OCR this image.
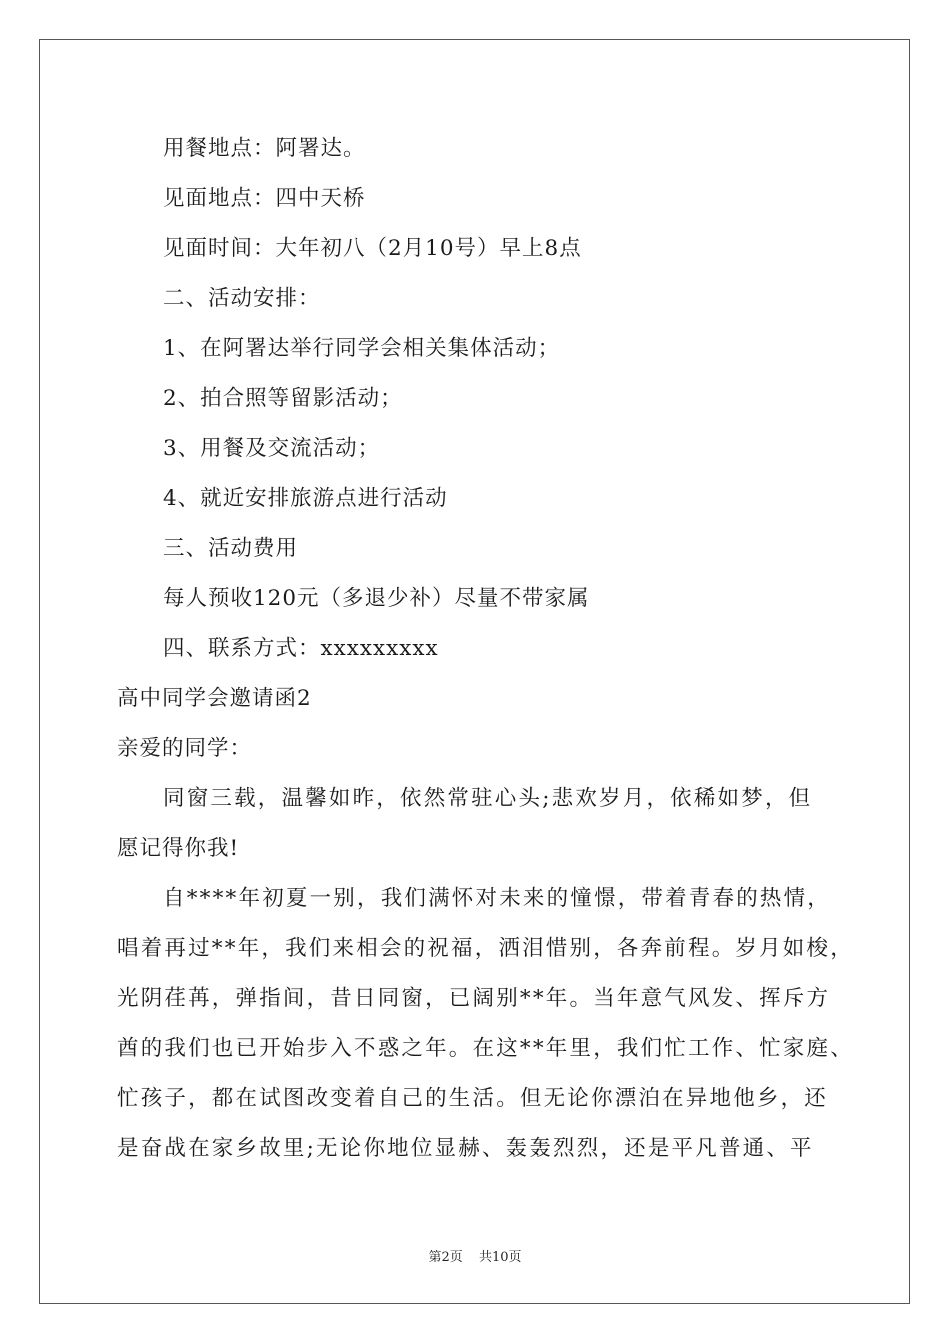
用餐地点：阿署达。
见面地点：四中天桥
见面时间：大年初八（2月10号）早上8点
二、活动安排：
1、在阿署达举行同学会相关集体活动；
2、拍合照等留影活动；
3、用餐及交流活动；
4、就近安排旅游点进行活动
三、活动费用
每人预收120元（多退少补）尽量不带家属
四、联系方式：xxxxxxxxx
高中同学会邀请函2
亲爱的同学：
同窗三载，温馨如昨，依然常驻心头;悲欢岁月，依稀如梦，但
愿记得你我!
自****年初夏一别，我们满怀对未来的憧憬，带着青春的热情，
唱着再过**年，我们来相会的祝福，洒泪惜别，各奔前程。岁月如梭，
光阴荏苒，弹指间，昔日同窗，已阔别**年。当年意气风发、挥斥方
酋的我们也已开始步入不惑之年。在这**年里，我们忙工作、忙家庭、
忙孩子，都在试图改变着自己的生活。但无论你漂泊在异地他乡，还
是奋战在家乡故里;无论你地位显赫、轰轰烈烈，还是平凡普通、平
第2页 共10页
